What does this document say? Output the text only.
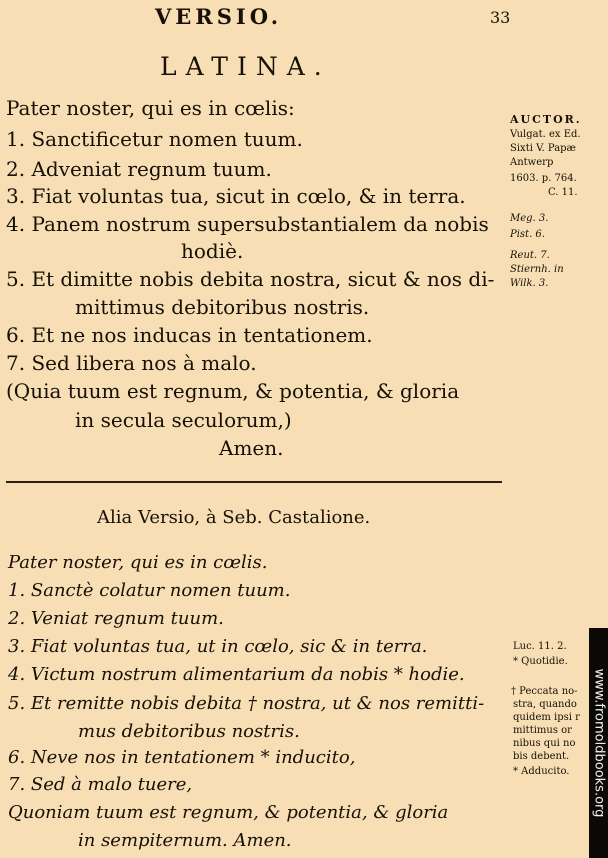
VERSIO.	33
LATINA.
Pater noster, qui es in cœlis:
1. Sanctificetur nomen tuum.
2. Adveniat regnum tuum.
3. Fiat voluntas tua, sicut in cœlo, & in terra.
4. Panem nostrum supersubstantialem da nobis
hodiè.
5. Et dimitte nobis debita nostra, sicut & nos di-
mittimus debitoribus nostris.
6. Et ne nos inducas in tentationem.
7. Sed libera nos à malo.
(Quia tuum est regnum, & potentia, & gloria
in secula seculorum,)
Amen.
AUCTOR.
Vulgat. ex Ed.
Sixti V. Papæ
Antwerp
1603. p. 764.
C. 11.
Meg. 3.
Pist. 6.
Reut. 7.
Stiernh. in
Wilk. 3.
Alia Versio, à Seb. Castalione.
Pater noster, qui es in cœlis.
1. Sanctè colatur nomen tuum.
2. Veniat regnum tuum.
3. Fiat voluntas tua, ut in cœlo, sic & in terra.
4. Victum nostrum alimentarium da nobis * hodie.
5. Et remitte nobis debita † nostra, ut & nos remitti-
mus debitoribus nostris.
6. Neve nos in tentationem * inducito,
7. Sed à malo tuere,
Quoniam tuum est regnum, & potentia, & gloria
in sempiternum. Amen.
Luc. 11. 2.
* Quotidie.
† Peccata no-
stra, quando
quidem ipsi r
mittimus or
nibus qui no
bis debent.
* Adducito. www.fromoldbooks.org
